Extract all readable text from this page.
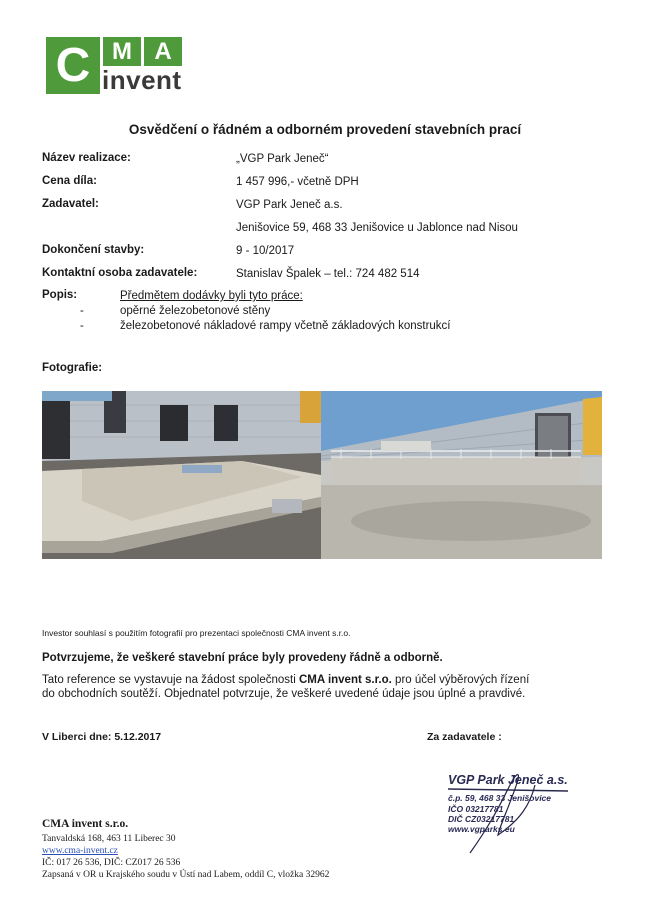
C M A
invent
Osvědčení o řádném a odborném provedení stavebních prací
Název realizace:	„VGP Park Jeneč“
Cena díla:	1 457 996,- včetně DPH
Zadavatel:	VGP Park Jeneč a.s.
Jenišovice 59, 468 33 Jenišovice u Jablonce nad Nisou
Dokončení stavby:	9 - 10/2017
Kontaktní osoba zadavatele:	Stanislav Špalek – tel.: 724 482 514
Popis:	Předmětem dodávky byli tyto práce:
-	opěrné železobetonové stěny
-	železobetonové nákladové rampy včetně základových konstrukcí
Fotografie:
Investor souhlasí s použitím fotografií pro prezentaci společnosti CMA invent s.r.o.
Potvrzujeme, že veškeré stavební práce byly provedeny řádně a odborně.
Tato reference se vystavuje na žádost společnosti CMA invent s.r.o. pro účel výběrových řízení
do obchodních soutěží. Objednatel potvrzuje, že veškeré uvedené údaje jsou úplné a pravdivé.
V Liberci dne: 5.12.2017	Za zadavatele :
VGP Park Jeneč a.s.
č.p. 59, 468 33 Jenišovice
IČO 03217781
DIČ CZ03217781
www.vgparks.eu
CMA invent s.r.o.
Tanvaldská 168, 463 11 Liberec 30
www.cma-invent.cz
IČ: 017 26 536, DIČ: CZ017 26 536
Zapsaná v OR u Krajského soudu v Ústí nad Labem, oddíl C, vložka 32962
